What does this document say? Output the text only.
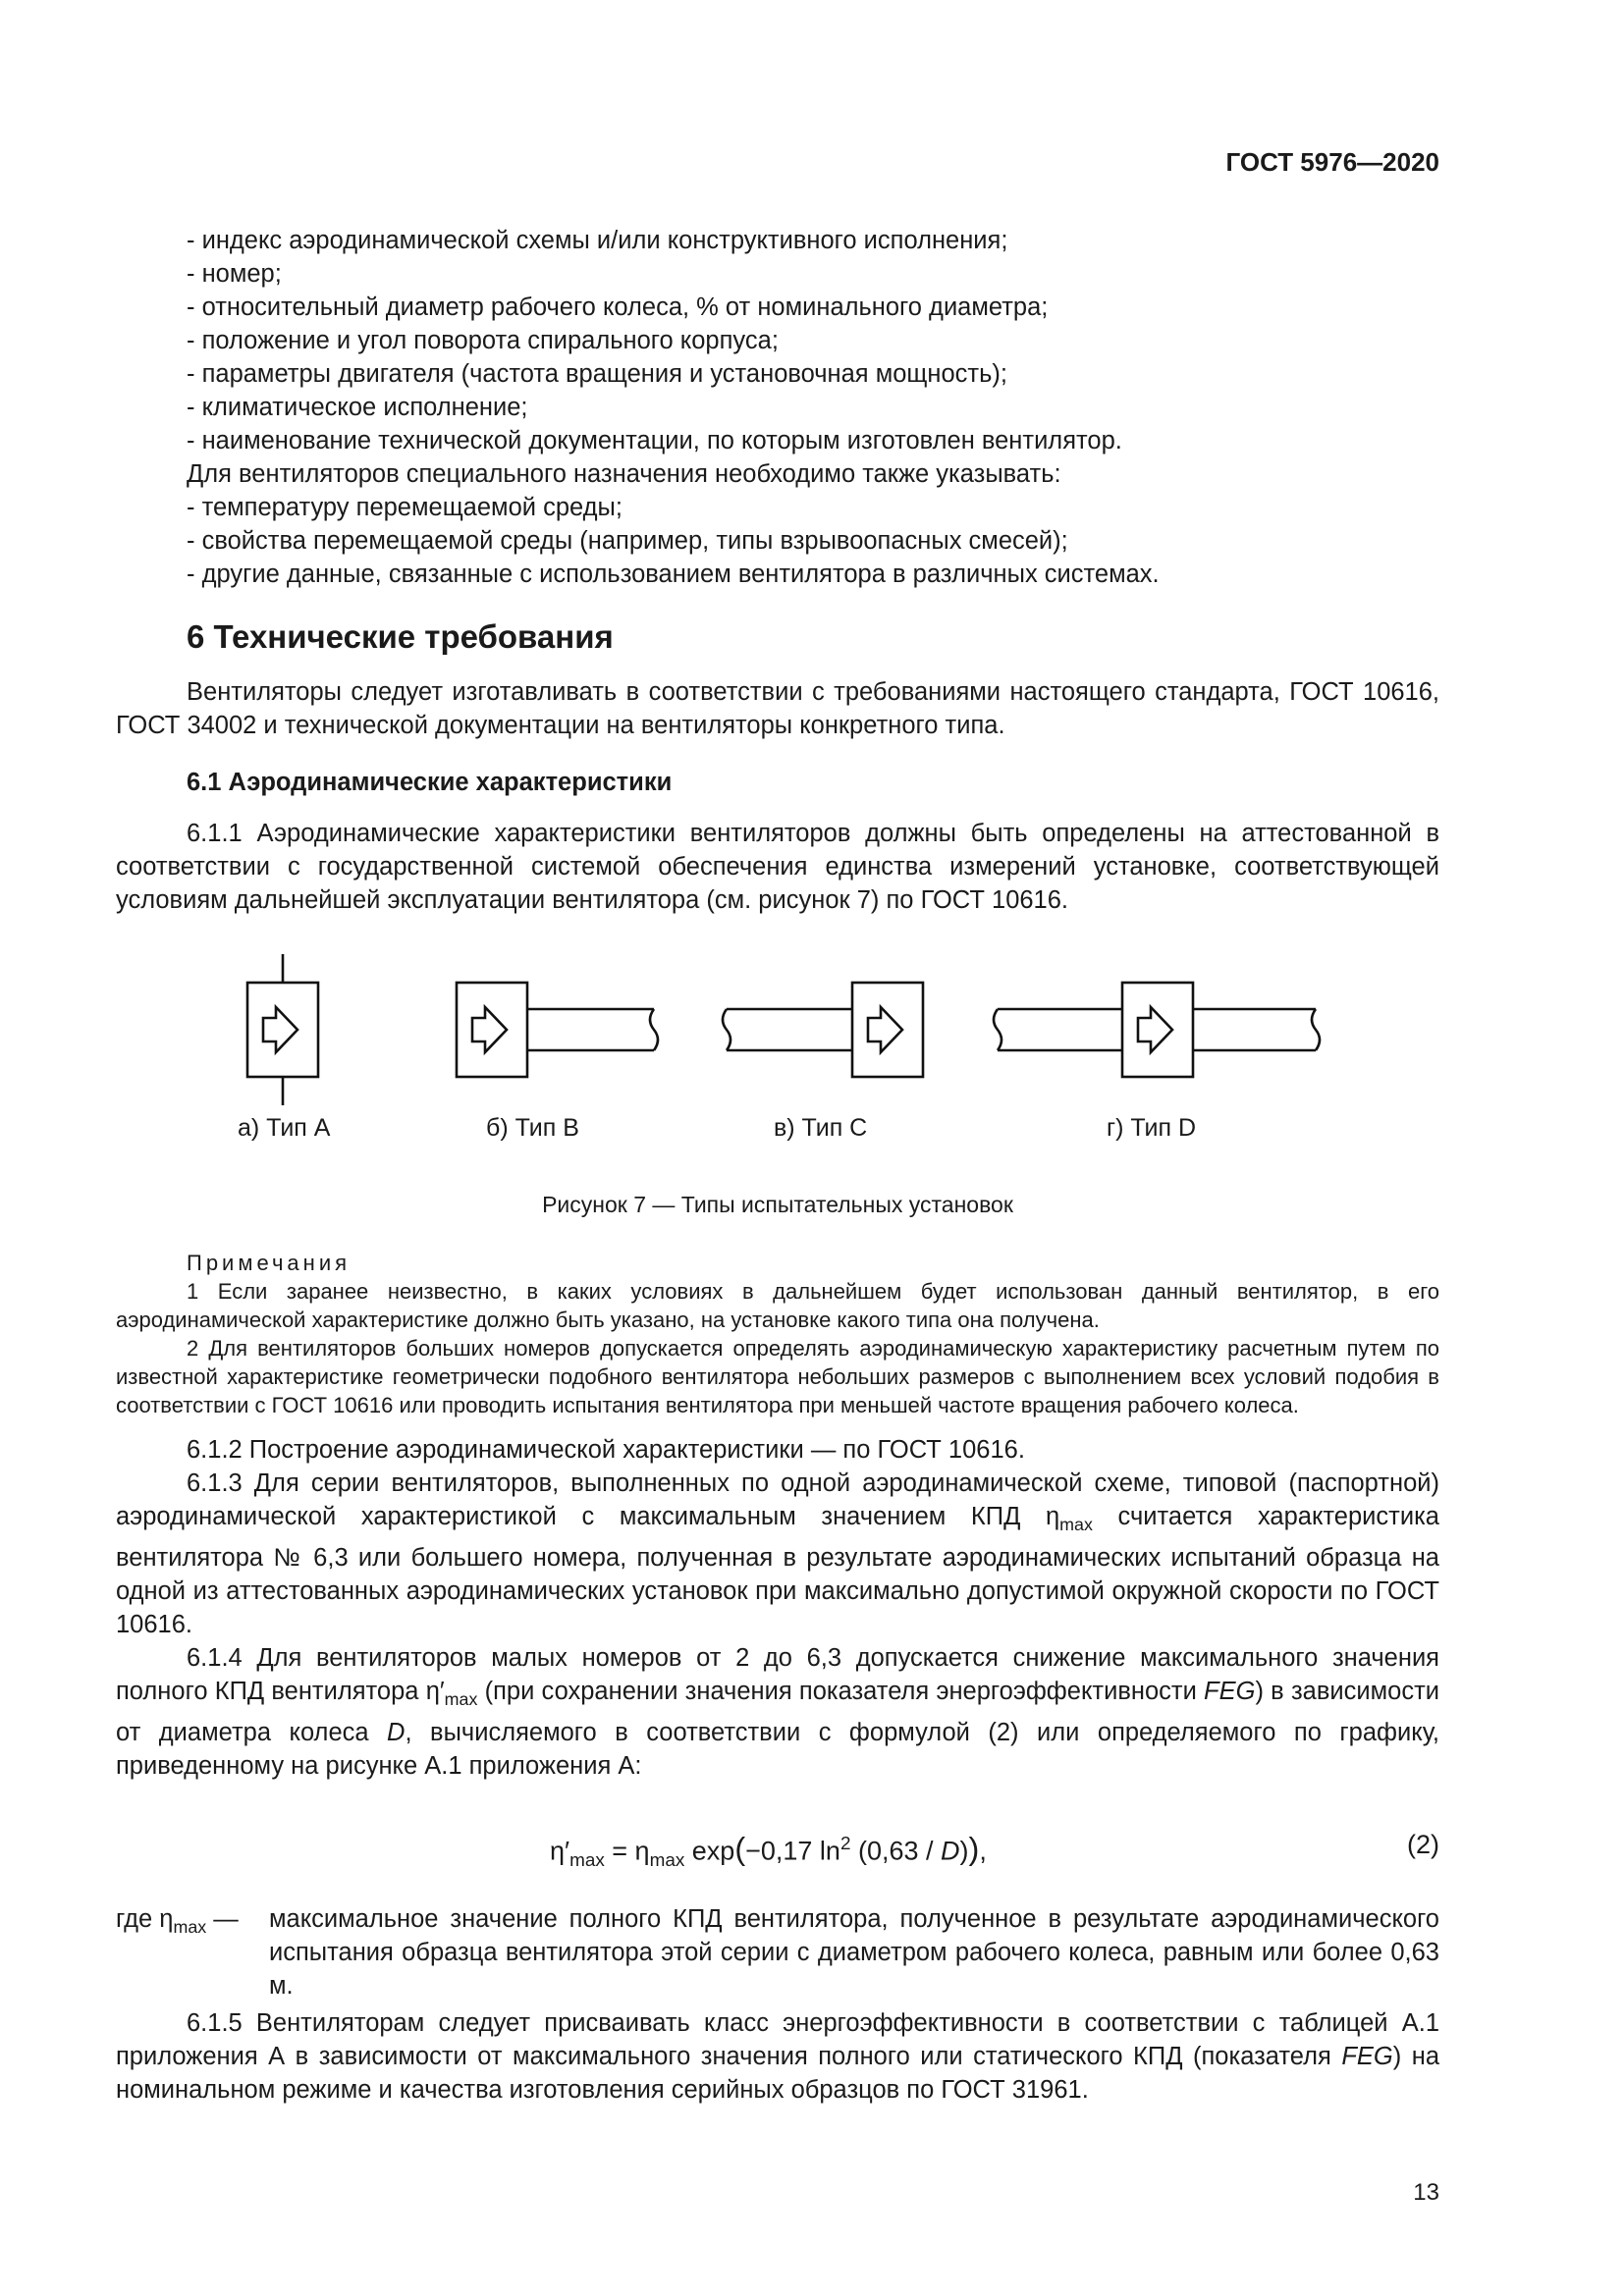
ГОСТ 5976—2020
- индекс аэродинамической схемы и/или конструктивного исполнения;
- номер;
- относительный диаметр рабочего колеса, % от номинального диаметра;
- положение и угол поворота спирального корпуса;
- параметры двигателя (частота вращения и установочная мощность);
- климатическое исполнение;
- наименование технической документации, по которым изготовлен вентилятор.
Для вентиляторов специального назначения необходимо также указывать:
- температуру перемещаемой среды;
- свойства перемещаемой среды (например, типы взрывоопасных смесей);
- другие данные, связанные с использованием вентилятора в различных системах.
6 Технические требования

Вентиляторы следует изготавливать в соответствии с требованиями настоящего стандарта, ГОСТ 10616, ГОСТ 34002 и технической документации на вентиляторы конкретного типа.

6.1 Аэродинамические характеристики

6.1.1 Аэродинамические характеристики вентиляторов должны быть определены на аттестованной в соответствии с государственной системой обеспечения единства измерений установке, соответствующей условиям дальнейшей эксплуатации вентилятора (см. рисунок 7) по ГОСТ 10616.

а) Тип А	б) Тип В	в) Тип С	г) Тип D
Рисунок 7 — Типы испытательных установок
Примечания

1 Если заранее неизвестно, в каких условиях в дальнейшем будет использован данный вентилятор, в его аэродинамической характеристике должно быть указано, на установке какого типа она получена.

2 Для вентиляторов больших номеров допускается определять аэродинамическую характеристику расчетным путем по известной характеристике геометрически подобного вентилятора небольших размеров с выполнением всех условий подобия в соответствии с ГОСТ 10616 или проводить испытания вентилятора при меньшей частоте вращения рабочего колеса.

6.1.2 Построение аэродинамической характеристики — по ГОСТ 10616.

6.1.3 Для серии вентиляторов, выполненных по одной аэродинамической схеме, типовой (паспортной) аэродинамической характеристикой с максимальным значением КПД $\eta_{max}$ считается характеристика вентилятора № 6,3 или большего номера, полученная в результате аэродинамических испытаний образца на одной из аттестованных аэродинамических установок при максимально допустимой окружной скорости по ГОСТ 10616.

6.1.4 Для вентиляторов малых номеров от 2 до 6,3 допускается снижение максимального значения полного КПД вентилятора $\eta'_{max}$ (при сохранении значения показателя энергоэффективности FEG) в зависимости от диаметра колеса D, вычисляемого в соответствии с формулой (2) или определяемого по графику, приведенному на рисунке А.1 приложения А:

$\eta'_{max} = \eta_{max}$ exp(−0,17 $\ln^2 (0,63 / D)$),	(2)
где $\eta_{max}$ —	максимальное значение полного КПД вентилятора, полученное в результате аэродинамического испытания образца вентилятора этой серии с диаметром рабочего колеса, равным или более 0,63 м.

6.1.5 Вентиляторам следует присваивать класс энергоэффективности в соответствии с таблицей А.1 приложения А в зависимости от максимального значения полного или статического КПД (показателя FEG) на номинальном режиме и качества изготовления серийных образцов по ГОСТ 31961.

13
